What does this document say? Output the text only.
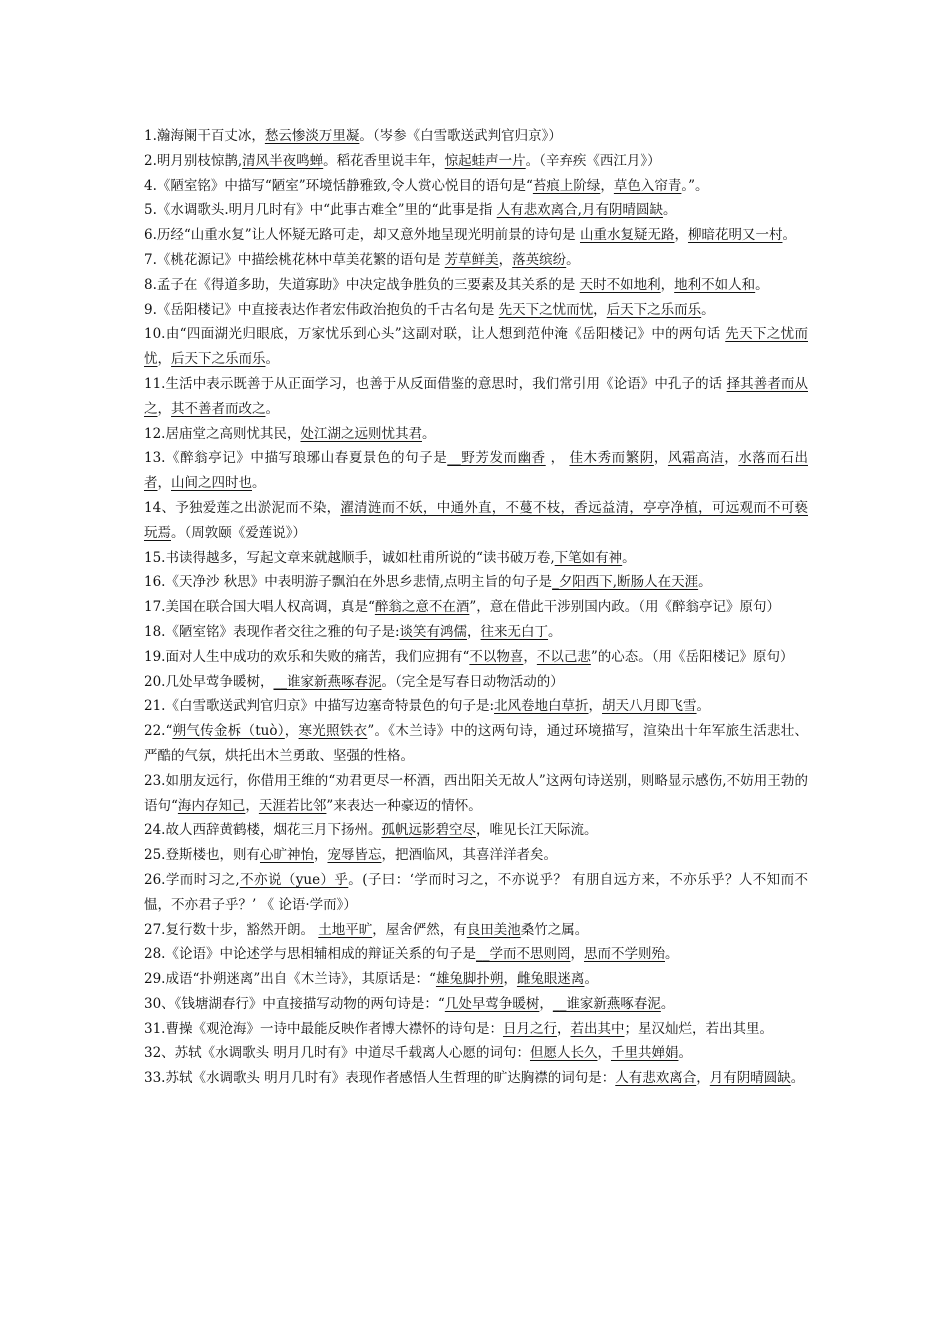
1.瀚海阑干百丈冰，愁云惨淡万里凝。（岑参《白雪歌送武判官归京》）

2.明月别枝惊鹊,清风半夜鸣蝉。稻花香里说丰年，惊起蛙声一片。（辛弃疾《西江月》）

4.《陋室铭》中描写“陋室”环境恬静雅致,令人赏心悦目的语句是“苔痕上阶绿，草色入帘青。”。

5.《水调歌头.明月几时有》中“此事古难全”里的“此事是指 人有悲欢离合,月有阴晴圆缺。

6.历经“山重水复”让人怀疑无路可走，却又意外地呈现光明前景的诗句是 山重水复疑无路，柳暗花明又一村。

7.《桃花源记》中描绘桃花林中草美花繁的语句是 芳草鲜美，落英缤纷。

8.孟子在《得道多助，失道寡助》中决定战争胜负的三要素及其关系的是 天时不如地利，地利不如人和。

9.《岳阳楼记》中直接表达作者宏伟政治抱负的千古名句是 先天下之忧而忧，后天下之乐而乐。

10.由“四面湖光归眼底，万家忧乐到心头”这副对联，让人想到范仲淹《岳阳楼记》中的两句话 先天下之忧而忧，后天下之乐而乐。

11.生活中表示既善于从正面学习，也善于从反面借鉴的意思时，我们常引用《论语》中孔子的话 择其善者而从之，其不善者而改之。

12.居庙堂之高则忧其民，处江湖之远则忧其君。

13.《醉翁亭记》中描写琅琊山春夏景色的句子是__野芳发而幽香 ， 佳木秀而繁阴，风霜高洁，水落而石出者，山间之四时也。

14、予独爱莲之出淤泥而不染，濯清涟而不妖，中通外直，不蔓不枝，香远益清，亭亭净植，可远观而不可亵玩焉。（周敦颐《爱莲说》）

15.书读得越多，写起文章来就越顺手，诚如杜甫所说的“读书破万卷,下笔如有神。

16.《天净沙 秋思》中表明游子飘泊在外思乡悲情,点明主旨的句子是_夕阳西下,断肠人在天涯。

17.美国在联合国大唱人权高调，真是“醉翁之意不在酒”，意在借此干涉别国内政。（用《醉翁亭记》原句）

18.《陋室铭》表现作者交往之雅的句子是:谈笑有鸿儒，往来无白丁。

19.面对人生中成功的欢乐和失败的痛苦，我们应拥有“不以物喜，不以己悲”的心态。（用《岳阳楼记》原句）

20.几处早莺争暖树，__谁家新燕啄春泥。（完全是写春日动物活动的）

21.《白雪歌送武判官归京》中描写边塞奇特景色的句子是:北风卷地白草折，胡天八月即飞雪。

22.“朔气传金柝（tuò），寒光照铁衣”。《木兰诗》中的这两句诗，通过环境描写，渲染出十年军旅生活悲壮、严酷的气氛，烘托出木兰勇敢、坚强的性格。

23.如朋友远行，你借用王维的“劝君更尽一杯酒，西出阳关无故人”这两句诗送别，则略显示感伤,不妨用王勃的语句“海内存知己，天涯若比邻”来表达一种豪迈的情怀。

24.故人西辞黄鹤楼，烟花三月下扬州。孤帆远影碧空尽，唯见长江天际流。

25.登斯楼也，则有心旷神怡，宠辱皆忘，把酒临风，其喜洋洋者矣。

26.学而时习之,不亦说（yue）乎。(子曰：‘学而时习之，不亦说乎？ 有朋自远方来，不亦乐乎？人不知而不愠，不亦君子乎？’ 《 论语·学而》）

27.复行数十步，豁然开朗。 土地平旷，屋舍俨然，有良田美池桑竹之属。

28.《论语》中论述学与思相辅相成的辩证关系的句子是__学而不思则罔，思而不学则殆。

29.成语“扑朔迷离”出自《木兰诗》，其原话是：“雄兔脚扑朔，雌兔眼迷离。

30、《钱塘湖春行》中直接描写动物的两句诗是：“几处早莺争暖树，__谁家新燕啄春泥。

31.曹操《观沧海》一诗中最能反映作者博大襟怀的诗句是：日月之行，若出其中；星汉灿烂，若出其里。

32、苏轼《水调歌头 明月几时有》中道尽千载离人心愿的词句：但愿人长久，千里共婵娟。

33.苏轼《水调歌头 明月几时有》表现作者感悟人生哲理的旷达胸襟的词句是：人有悲欢离合，月有阴晴圆缺。
